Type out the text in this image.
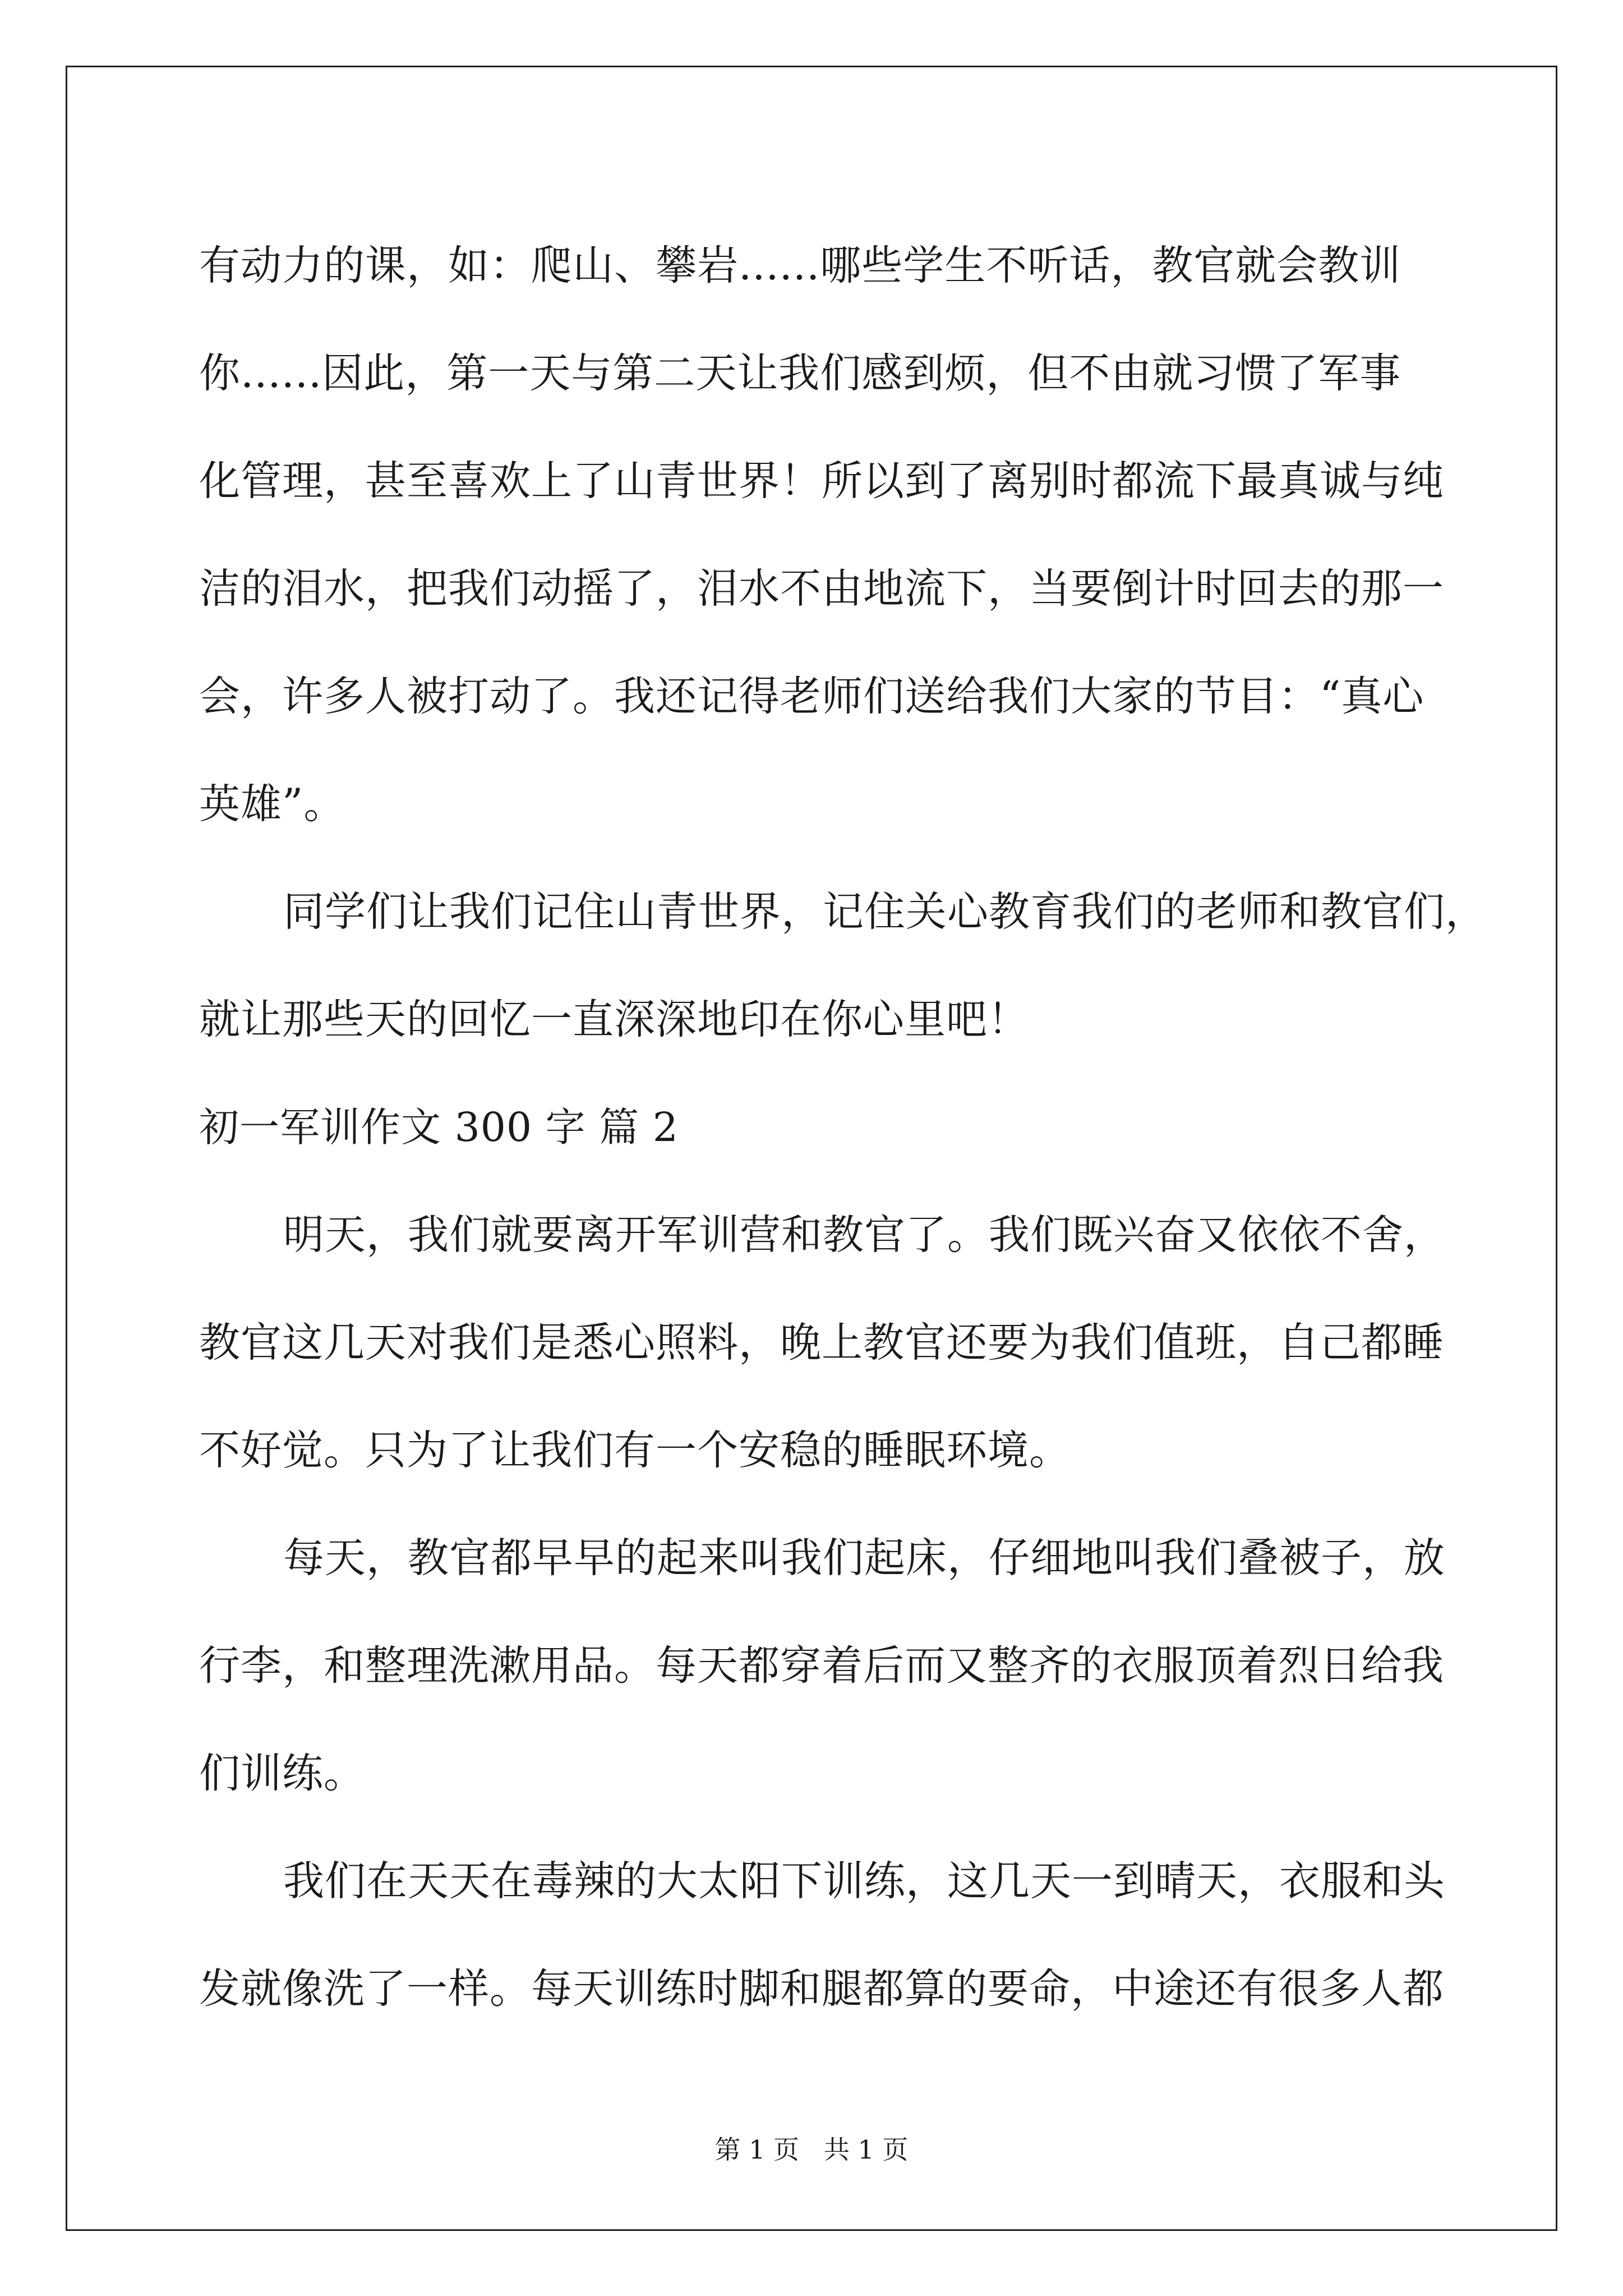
有动力的课，如：爬山、攀岩......哪些学生不听话，教官就会教训
你......因此，第一天与第二天让我们感到烦，但不由就习惯了军事
化管理，甚至喜欢上了山青世界！所以到了离别时都流下最真诚与纯
洁的泪水，把我们动摇了，泪水不由地流下，当要倒计时回去的那一
会，许多人被打动了。我还记得老师们送给我们大家的节目：“真心
英雄”。
同学们让我们记住山青世界，记住关心教育我们的老师和教官们，
就让那些天的回忆一直深深地印在你心里吧！
初一军训作文 300 字 篇 2
明天，我们就要离开军训营和教官了。我们既兴奋又依依不舍，
教官这几天对我们是悉心照料，晚上教官还要为我们值班，自己都睡
不好觉。只为了让我们有一个安稳的睡眠环境。
每天，教官都早早的起来叫我们起床，仔细地叫我们叠被子，放
行李，和整理洗漱用品。每天都穿着后而又整齐的衣服顶着烈日给我
们训练。
我们在天天在毒辣的大太阳下训练，这几天一到晴天，衣服和头
发就像洗了一样。每天训练时脚和腿都算的要命，中途还有很多人都
第 1 页   共 1 页
